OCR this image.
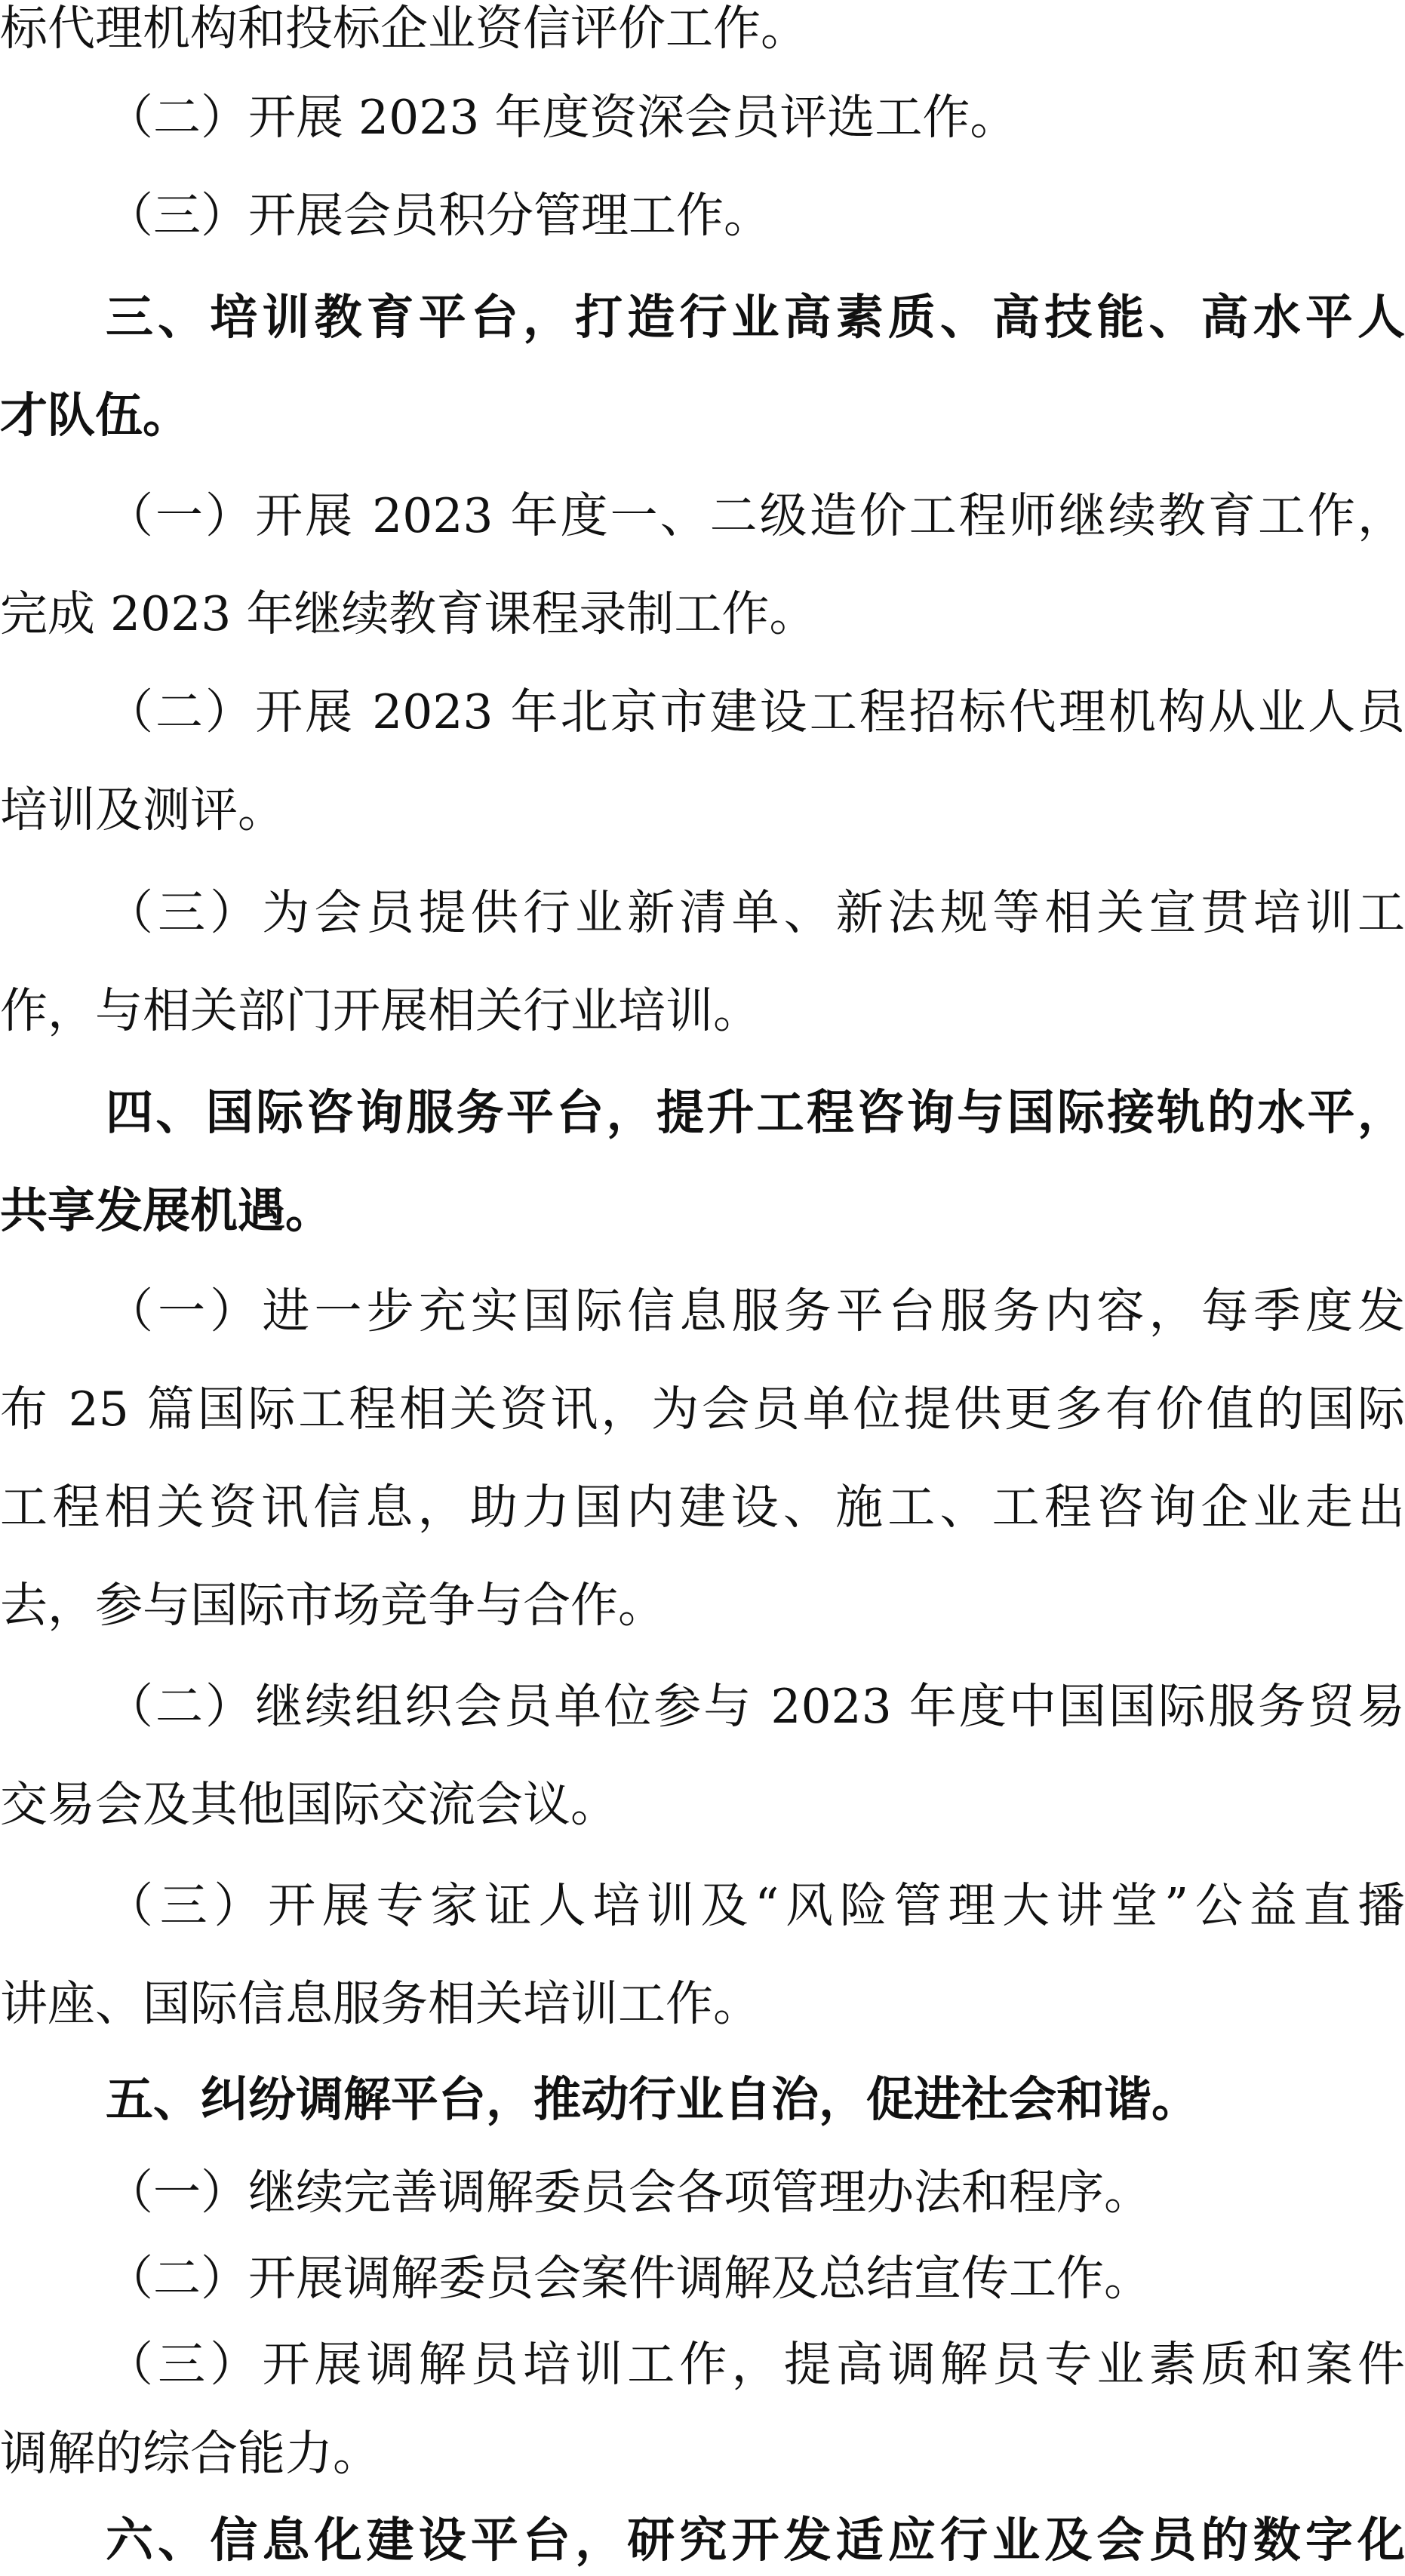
标代理机构和投标企业资信评价工作。
（二）开展 2023 年度资深会员评选工作。
（三）开展会员积分管理工作。
三、培训教育平台，打造行业高素质、高技能、高水平人
才队伍。
（一）开展 2023 年度一、二级造价工程师继续教育工作，
完成 2023 年继续教育课程录制工作。
（二）开展 2023 年北京市建设工程招标代理机构从业人员
培训及测评。
（三）为会员提供行业新清单、新法规等相关宣贯培训工
作，与相关部门开展相关行业培训。
四、国际咨询服务平台，提升工程咨询与国际接轨的水平，
共享发展机遇。
（一）进一步充实国际信息服务平台服务内容，每季度发
布 25 篇国际工程相关资讯，为会员单位提供更多有价值的国际
工程相关资讯信息，助力国内建设、施工、工程咨询企业走出
去，参与国际市场竞争与合作。
（二）继续组织会员单位参与 2023 年度中国国际服务贸易
交易会及其他国际交流会议。
（三）开展专家证人培训及“风险管理大讲堂”公益直播
讲座、国际信息服务相关培训工作。
五、纠纷调解平台，推动行业自治，促进社会和谐。
（一）继续完善调解委员会各项管理办法和程序。
（二）开展调解委员会案件调解及总结宣传工作。
（三）开展调解员培训工作，提高调解员专业素质和案件
调解的综合能力。
六、信息化建设平台，研究开发适应行业及会员的数字化
